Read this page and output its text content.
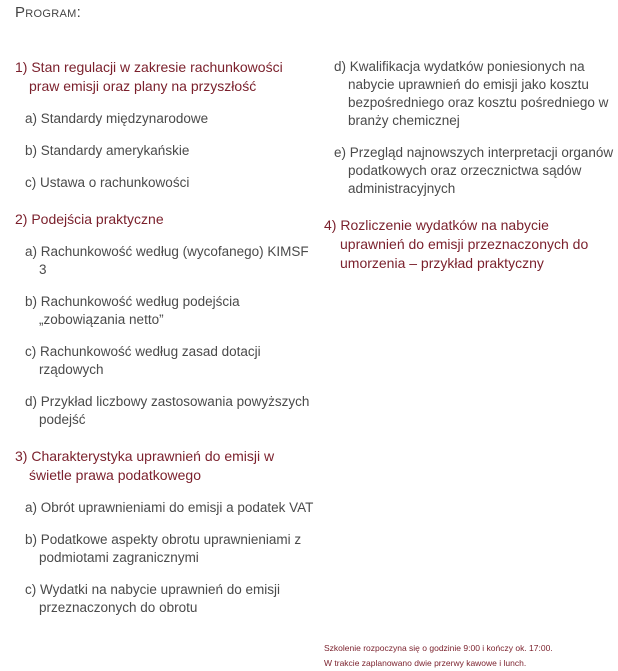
Program:
1) Stan regulacji w zakresie rachunkowości praw emisji oraz plany na przyszłość
a) Standardy międzynarodowe
b) Standardy amerykańskie
c) Ustawa o rachunkowości
2) Podejścia praktyczne
a) Rachunkowość według (wycofanego) KIMSF 3
b) Rachunkowość według podejścia „zobowiązania netto”
c) Rachunkowość według zasad dotacji rządowych
d) Przykład liczbowy zastosowania powyższych podejść
3) Charakterystyka uprawnień do emisji w świetle prawa podatkowego
a) Obrót uprawnieniami do emisji a podatek VAT
b) Podatkowe aspekty obrotu uprawnieniami z podmiotami zagranicznymi
c) Wydatki na nabycie uprawnień do emisji przeznaczonych do obrotu
d) Kwalifikacja wydatków poniesionych na nabycie uprawnień do emisji jako kosztu bezpośredniego oraz kosztu pośredniego w branży chemicznej
e) Przegląd najnowszych interpretacji organów podatkowych oraz orzecznictwa sądów administracyjnych
4) Rozliczenie wydatków na nabycie uprawnień do emisji przeznaczonych do umorzenia – przykład praktyczny
Szkolenie rozpoczyna się o godzinie 9:00 i kończy ok. 17:00.
W trakcie zaplanowano dwie przerwy kawowe i lunch.
